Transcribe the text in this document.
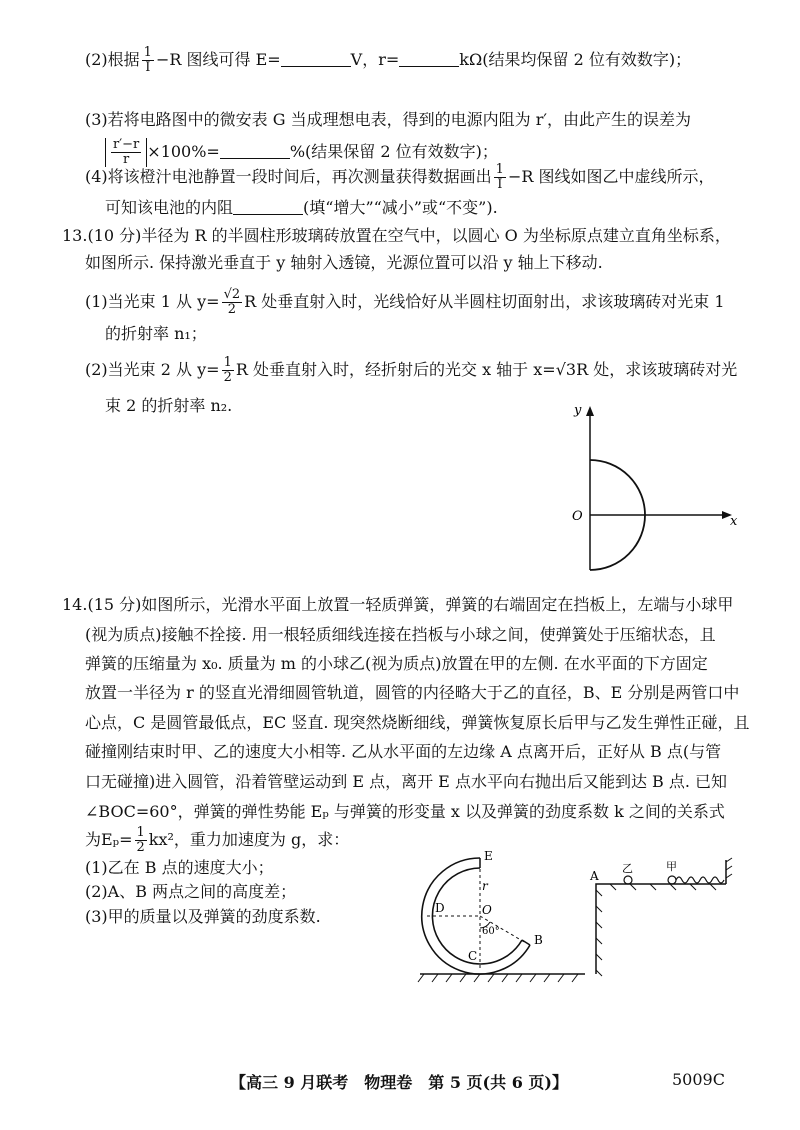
(2)根据 $\frac{1}{I} -R$ 图线可得 E=	V，r=	kΩ(结果均保留 2 位有效数字)；
(3)若将电路图中的微安表 G 当成理想电表，得到的电源内阻为 r′，由此产生的误差为
$\frac{r'-r}{r} \times 100\%=$	%(结果保留 2 位有效数字)；
(4)将该橙汁电池静置一段时间后，再次测量获得数据画出 $\frac{1}{I} -R$ 图线如图乙中虚线所示，
可知该电池的内阻	(填“增大”“减小”或“不变”).
13.(10 分)半径为 R 的半圆柱形玻璃砖放置在空气中，以圆心 O 为坐标原点建立直角坐标系，
如图所示. 保持激光垂直于 y 轴射入透镜，光源位置可以沿 y 轴上下移动.
(1)当光束 1 从 $y= \frac{√2}{2}$ R 处垂直射入时，光线恰好从半圆柱切面射出，求该玻璃砖对光束 1
的折射率 n₁；
(2)当光束 2 从 $y= \frac{1}{2}$ R 处垂直射入时，经折射后的光交 x 轴于 x=√3R 处，求该玻璃砖对光
束 2 的折射率 n₂.	y
x
O
14.(15 分)如图所示，光滑水平面上放置一轻质弹簧，弹簧的右端固定在挡板上，左端与小球甲
(视为质点)接触不拴接. 用一根轻质细线连接在挡板与小球之间，使弹簧处于压缩状态，且
弹簧的压缩量为 x₀. 质量为 m 的小球乙(视为质点)放置在甲的左侧. 在水平面的下方固定
放置一半径为 r 的竖直光滑细圆管轨道，圆管的内径略大于乙的直径，B、E 分别是两管口中
心点，C 是圆管最低点，EC 竖直. 现突然烧断细线，弹簧恢复原长后甲与乙发生弹性正碰，且
碰撞刚结束时甲、乙的速度大小相等. 乙从水平面的左边缘 A 点离开后，正好从 B 点(与管
口无碰撞)进入圆管，沿着管壁运动到 E 点，离开 E 点水平向右抛出后又能到达 B 点. 已知
∠BOC=60°，弹簧的弹性势能 Eₚ 与弹簧的形变量 x 以及弹簧的劲度系数 k 之间的关系式
为$E_p= \frac{1}{2} kx^2$，重力加速度为 g，求：
(1)乙在 B 点的速度大小；
(2)A、B 两点之间的高度差；
(3)甲的质量以及弹簧的劲度系数.
E
D	O
r
60°
B
C
A
乙	甲
【高三 9 月联考　物理卷　第 5 页(共 6 页)】	5009C
